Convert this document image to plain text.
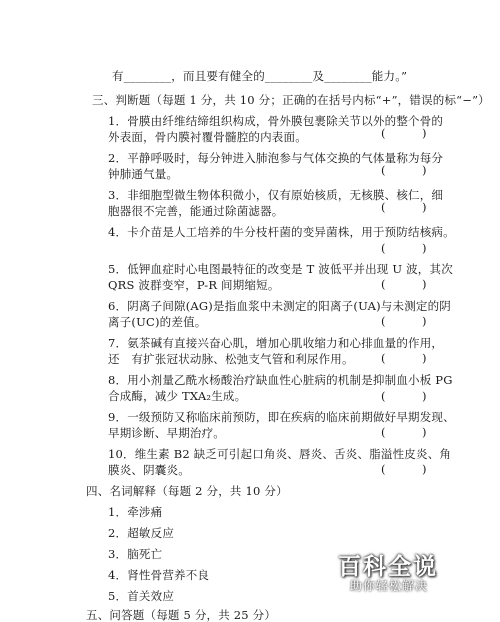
有________，而且要有健全的________及________能力。”
三、判断题（每题 1 分，共 10 分；正确的在括号内标“+”，错误的标“−”）
1．骨膜由纤维结缔组织构成，骨外膜包裹除关节以外的整个骨的
外表面，骨内膜衬覆骨髓腔的内表面。	(          )
2．平静呼吸时，每分钟进入肺泡参与气体交换的气体量称为每分
钟肺通气量。	(          )
3．非细胞型微生物体积微小，仅有原始核质，无核膜、核仁，细
胞器很不完善，能通过除菌滤器。	(          )
4．卡介苗是人工培养的牛分枝杆菌的变异菌株，用于预防结核病。
(          )
5．低钾血症时心电图最特征的改变是 T 波低平并出现 U 波，其次
QRS 波群变窄，P-R 间期缩短。	(          )
6．阴离子间隙(AG)是指血浆中未测定的阳离子(UA)与未测定的阴
离子(UC)的差值。	(          )
7．氨茶碱有直接兴奋心肌，增加心肌收缩力和心排血量的作用，
还　有扩张冠状动脉、松弛支气管和利尿作用。 (          )
8．用小剂量乙酰水杨酸治疗缺血性心脏病的机制是抑制血小板 PG
合成酶，减少 TXA₂生成。	(          )
9．一级预防又称临床前预防，即在疾病的临床前期做好早期发现、
早期诊断、早期治疗。	(          )
10．维生素 B2 缺乏可引起口角炎、唇炎、舌炎、脂溢性皮炎、角
膜炎、阴囊炎。	(          )
四、名词解释（每题 2 分，共 10 分）
1．牵涉痛
2．超敏反应
3．脑死亡
4．肾性骨营养不良
5．首关效应
五、问答题（每题 5 分，共 25 分）
百科全说
助你轻松解决
